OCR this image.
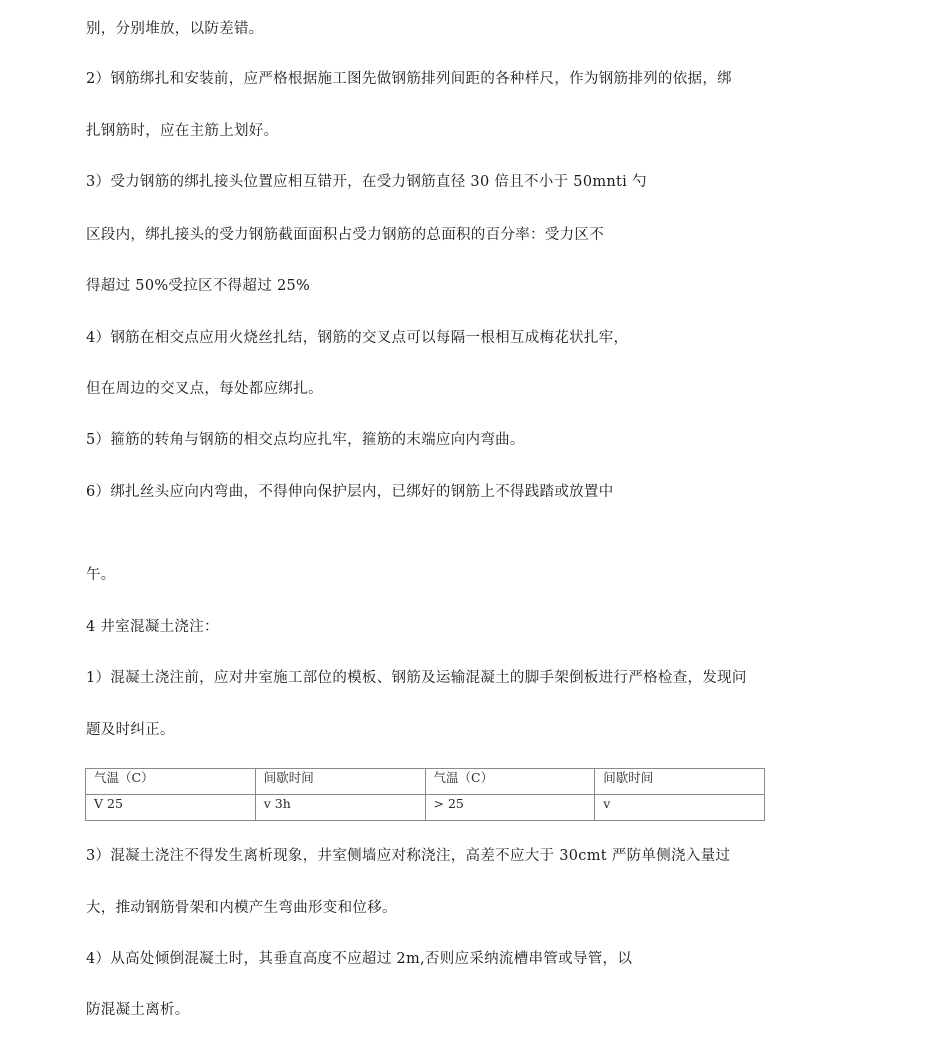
别，分别堆放，以防差错。
2）钢筋绑扎和安装前，应严格根据施工图先做钢筋排列间距的各种样尺，作为钢筋排列的依据，绑
扎钢筋时，应在主筋上划好。
3）受力钢筋的绑扎接头位置应相互错开，在受力钢筋直径 30 倍且不小于 50mnti 勺
区段内，绑扎接头的受力钢筋截面面积占受力钢筋的总面积的百分率：受力区不
得超过 50%受拉区不得超过 25%
4）钢筋在相交点应用火烧丝扎结，钢筋的交叉点可以每隔一根相互成梅花状扎牢，
但在周边的交叉点，每处都应绑扎。
5）箍筋的转角与钢筋的相交点均应扎牢，箍筋的末端应向内弯曲。
6）绑扎丝头应向内弯曲，不得伸向保护层内，已绑好的钢筋上不得践踏或放置中
午。
4 井室混凝土浇注：
1）混凝土浇注前，应对井室施工部位的模板、钢筋及运输混凝土的脚手架倒板进行严格检查，发现问
题及时纠正。
气温（C）	间歇时间	气温（C）	间歇时间
V 25	v 3h	> 25	v
3）混凝土浇注不得发生离析现象，井室侧墙应对称浇注，高差不应大于 30cmt 严防单侧浇入量过
大，推动钢筋骨架和内模产生弯曲形变和位移。
4）从高处倾倒混凝土时，其垂直高度不应超过 2m,否则应采纳流槽串管或导管，以
防混凝土离析。
